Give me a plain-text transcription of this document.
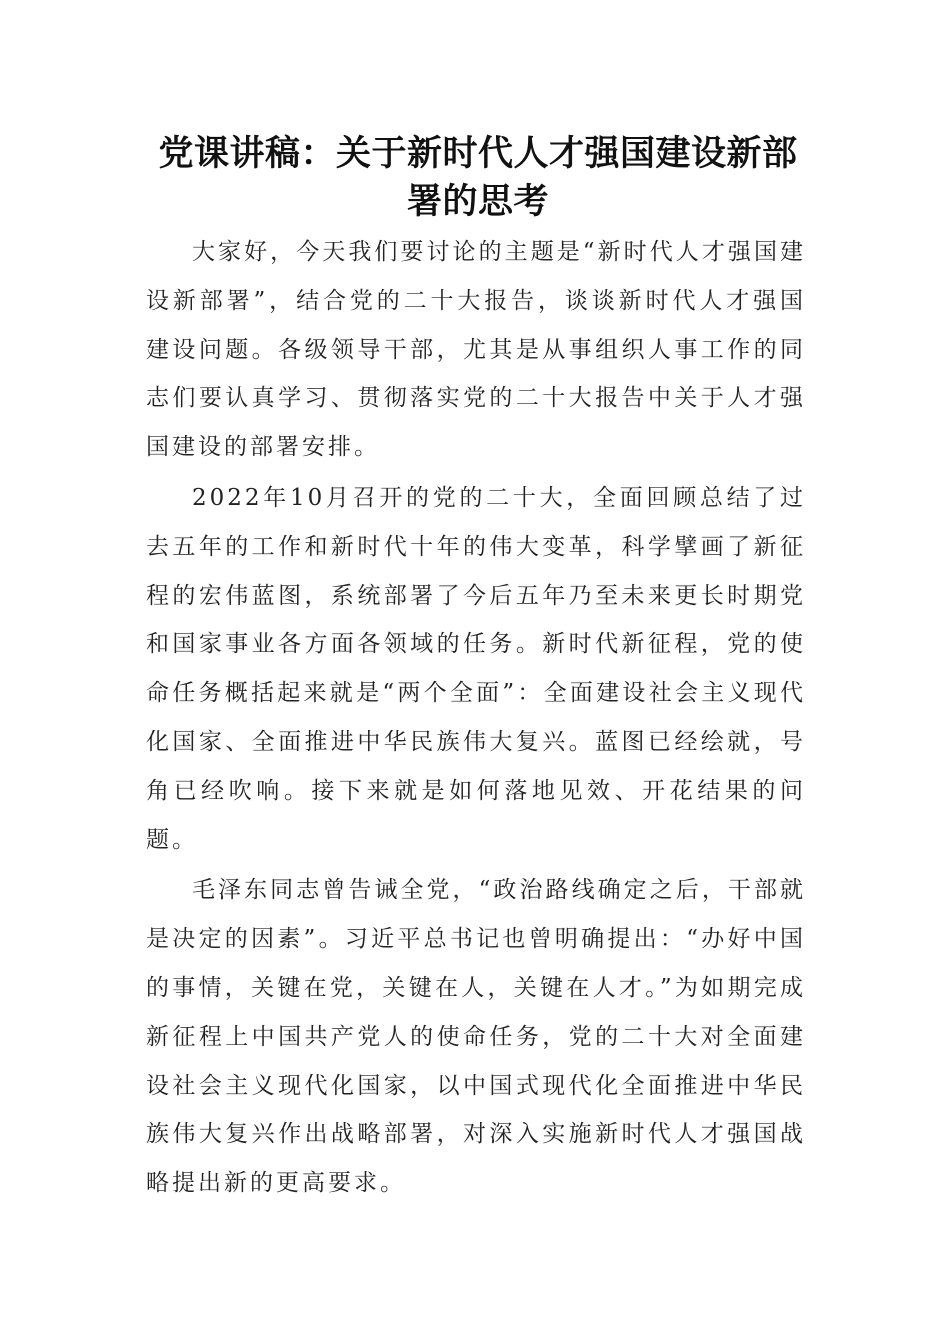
党课讲稿：关于新时代人才强国建设新部署的思考

大家好，今天我们要讨论的主题是“新时代人才强国建设新部署”，结合党的二十大报告，谈谈新时代人才强国建设问题。各级领导干部，尤其是从事组织人事工作的同志们要认真学习、贯彻落实党的二十大报告中关于人才强国建设的部署安排。

2022年10月召开的党的二十大，全面回顾总结了过去五年的工作和新时代十年的伟大变革，科学擘画了新征程的宏伟蓝图，系统部署了今后五年乃至未来更长时期党和国家事业各方面各领域的任务。新时代新征程，党的使命任务概括起来就是“两个全面”：全面建设社会主义现代化国家、全面推进中华民族伟大复兴。蓝图已经绘就，号角已经吹响。接下来就是如何落地见效、开花结果的问题。

毛泽东同志曾告诫全党，“政治路线确定之后，干部就是决定的因素”。习近平总书记也曾明确提出：“办好中国的事情，关键在党，关键在人，关键在人才。”为如期完成新征程上中国共产党人的使命任务，党的二十大对全面建设社会主义现代化国家，以中国式现代化全面推进中华民族伟大复兴作出战略部署，对深入实施新时代人才强国战略提出新的更高要求。
